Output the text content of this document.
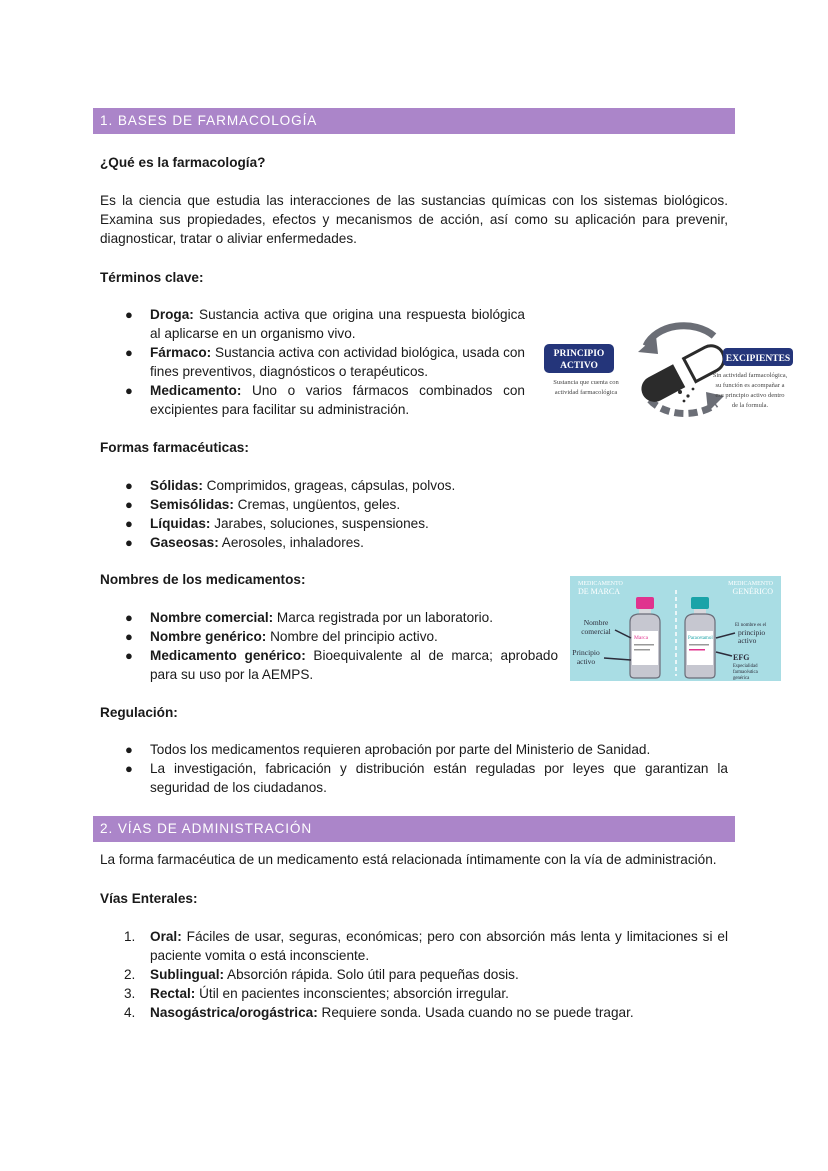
1. BASES DE FARMACOLOGÍA
¿Qué es la farmacología?
Es la ciencia que estudia las interacciones de las sustancias químicas con los sistemas biológicos. Examina sus propiedades, efectos y mecanismos de acción, así como su aplicación para prevenir, diagnosticar, tratar o aliviar enfermedades.
Términos clave:
● Droga: Sustancia activa que origina una respuesta biológica al aplicarse en un organismo vivo.
● Fármaco: Sustancia activa con actividad biológica, usada con fines preventivos, diagnósticos o terapéuticos.
● Medicamento: Uno o varios fármacos combinados con excipientes para facilitar su administración.
PRINCIPIO
ACTIVO
Sustancia que cuenta con
actividad farmacológica
EXCIPIENTES
Sin actividad farmacológica,
su función es acompañar a
ese principio activo dentro
de la formula.
Formas farmacéuticas:
● Sólidas: Comprimidos, grageas, cápsulas, polvos.
● Semisólidas: Cremas, ungüentos, geles.
● Líquidas: Jarabes, soluciones, suspensiones.
● Gaseosas: Aerosoles, inhaladores.
Nombres de los medicamentos:
● Nombre comercial: Marca registrada por un laboratorio.
● Nombre genérico: Nombre del principio activo.
● Medicamento genérico: Bioequivalente al de marca; aprobado para su uso por la AEMPS.
MEDICAMENTO
DE MARCA
MEDICAMENTO
GENÉRICO
Marca	Paracetamol
Nombre
comercial
Principio
activo
El nombre es el
principio
activo
EFG
Especialidad
farmacéutica
genérica
Regulación:
● Todos los medicamentos requieren aprobación por parte del Ministerio de Sanidad.
● La investigación, fabricación y distribución están reguladas por leyes que garantizan la seguridad de los ciudadanos.
2. VÍAS DE ADMINISTRACIÓN
La forma farmacéutica de un medicamento está relacionada íntimamente con la vía de administración.
Vías Enterales:
1. Oral: Fáciles de usar, seguras, económicas; pero con absorción más lenta y limitaciones si el paciente vomita o está inconsciente.
2. Sublingual: Absorción rápida. Solo útil para pequeñas dosis.
3. Rectal: Útil en pacientes inconscientes; absorción irregular.
4. Nasogástrica/orogástrica: Requiere sonda. Usada cuando no se puede tragar.
